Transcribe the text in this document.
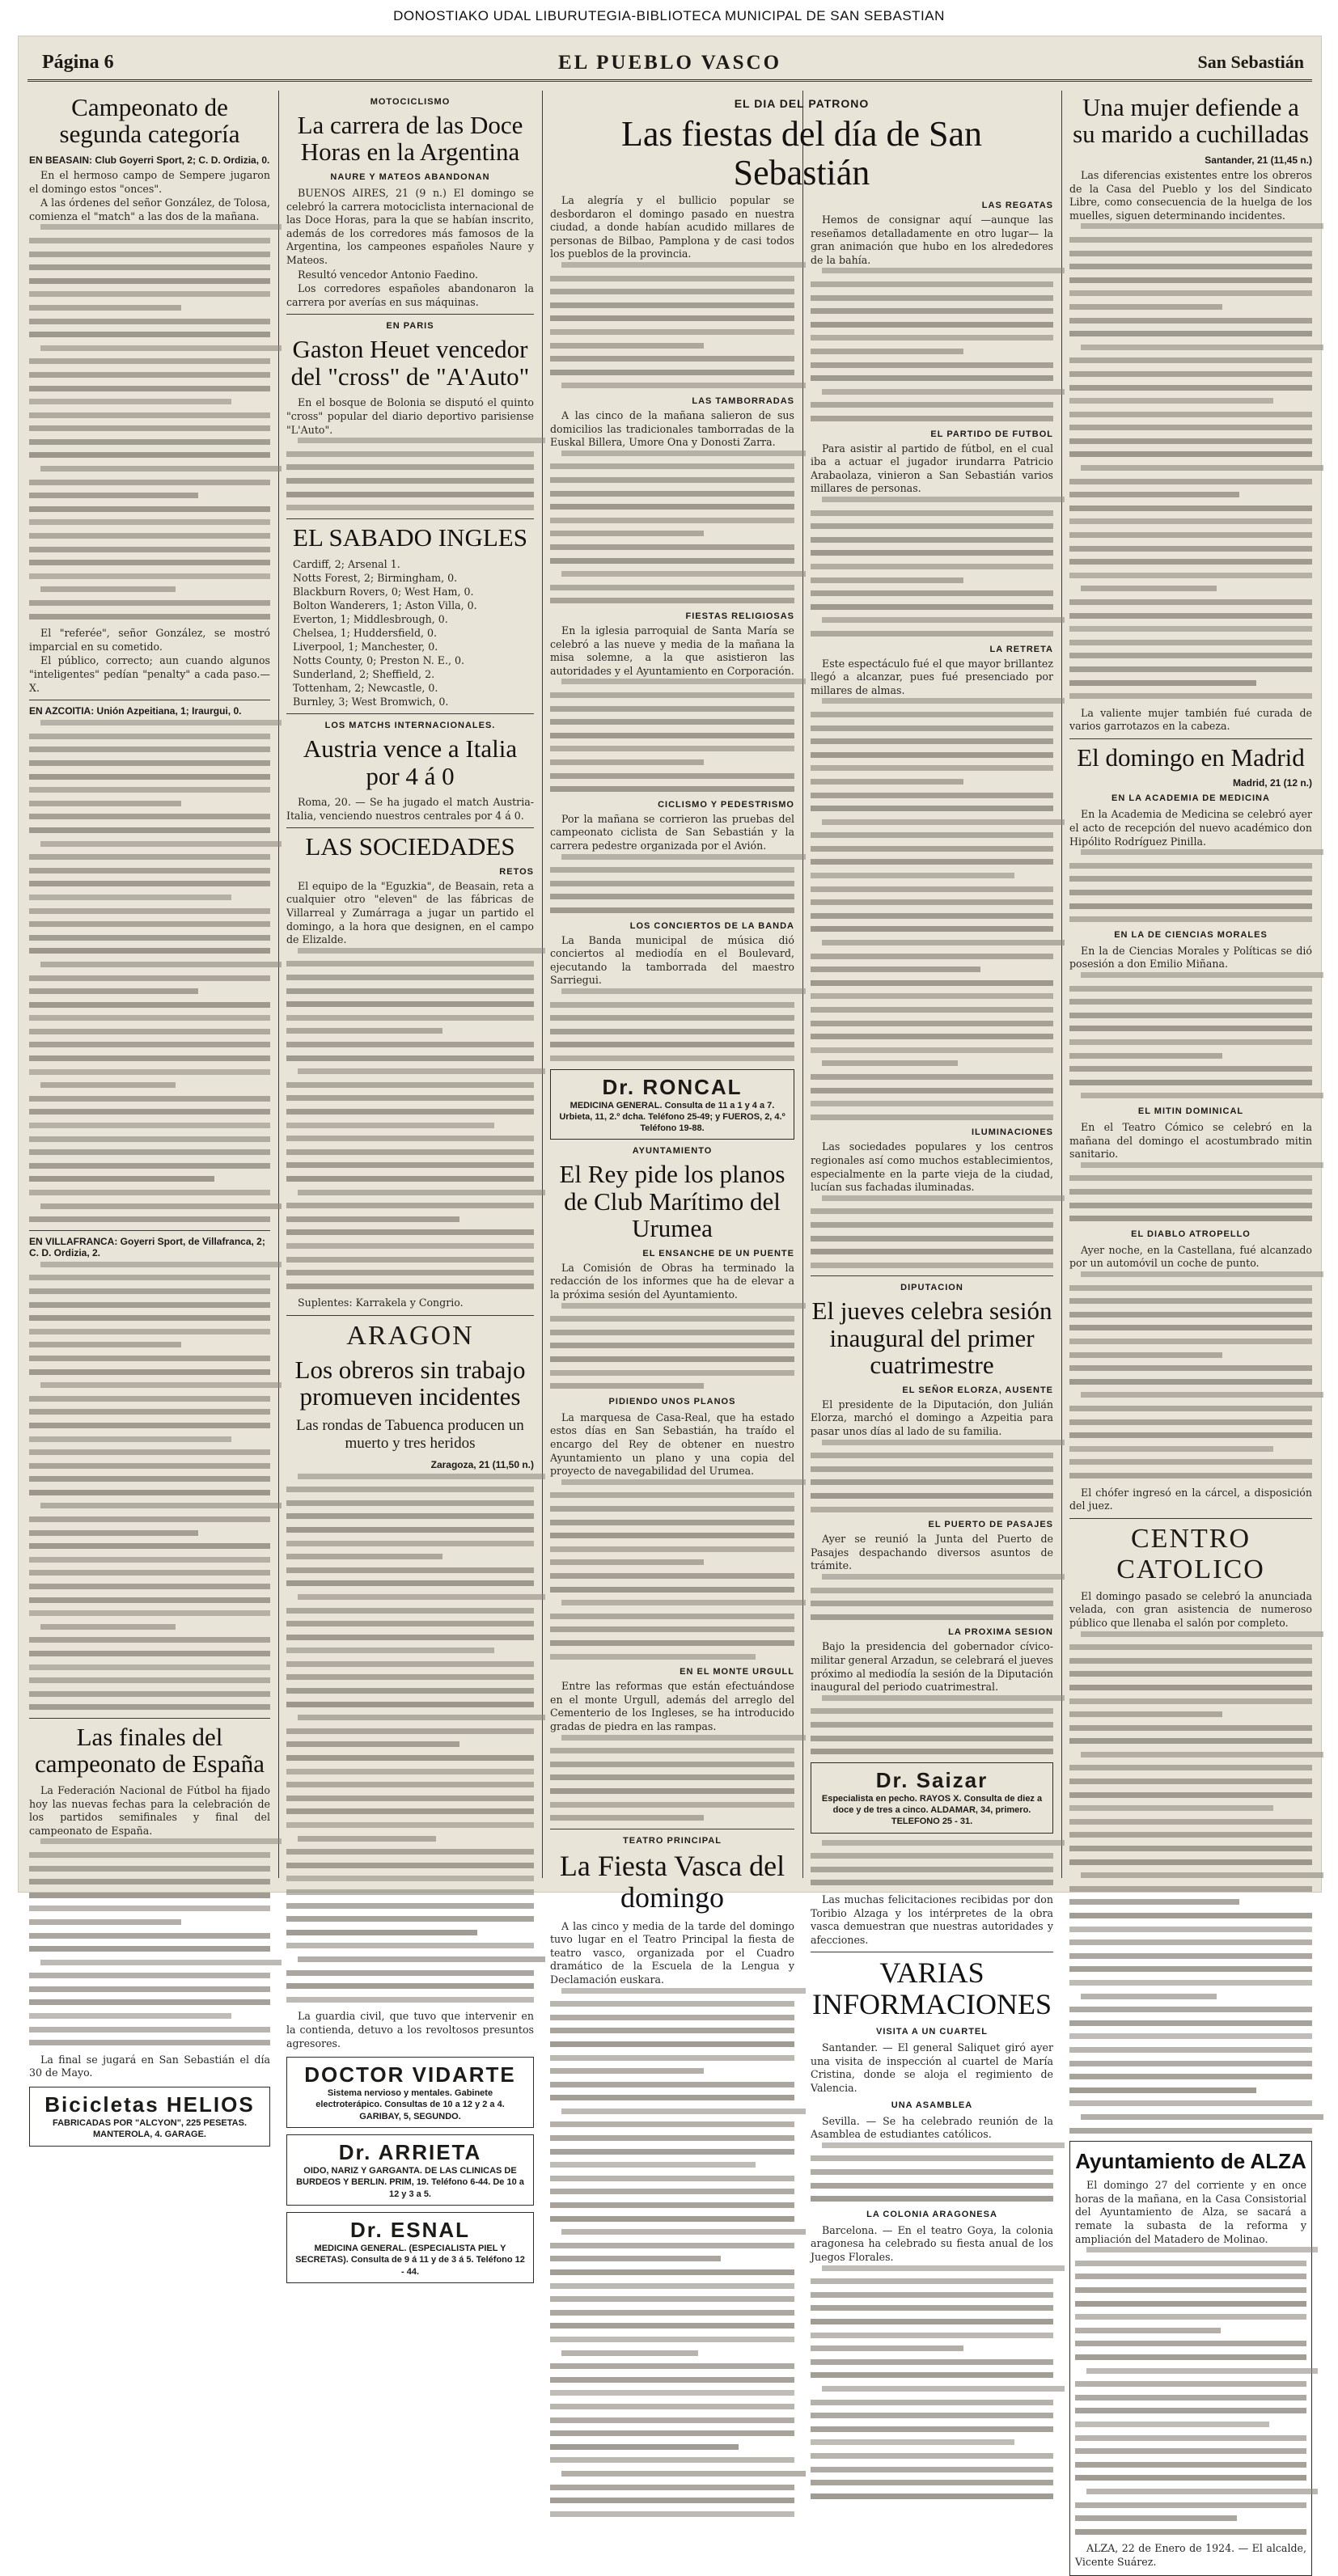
DONOSTIAKO UDAL LIBURUTEGIA-BIBLIOTECA MUNICIPAL DE SAN SEBASTIAN
Página 6	EL PUEBLO VASCO	San Sebastián
Campeonato de segunda categoría
EN BEASAIN: Club Goyerri Sport, 2; C. D. Ordizia, 0.

En el hermoso campo de Sempere jugaron el domingo estos "onces".

A las órdenes del señor González, de Tolosa, comienza el "match" a las dos de la mañana.

El "referée", señor González, se mostró imparcial en su cometido.

El público, correcto; aun cuando algunos "inteligentes" pedían "penalty" a cada paso.—X.

EN AZCOITIA: Unión Azpeitiana, 1; Iraurgui, 0.
EN VILLAFRANCA: Goyerri Sport, de Villafranca, 2; C. D. Ordizia, 2.
Las finales del campeonato de España

La Federación Nacional de Fútbol ha fijado hoy las nuevas fechas para la celebración de los partidos semifinales y final del campeonato de España.

La final se jugará en San Sebastián el día 30 de Mayo.

Bicicletas HELIOS
FABRICADAS POR "ALCYON", 225 PESETAS. MANTEROLA, 4. GARAGE.
MOTOCICLISMO
La carrera de las Doce Horas en la Argentina
NAURE Y MATEOS ABANDONAN

BUENOS AIRES, 21 (9 n.) El domingo se celebró la carrera motociclista internacional de las Doce Horas, para la que se habían inscrito, además de los corredores más famosos de la Argentina, los campeones españoles Naure y Mateos.

Resultó vencedor Antonio Faedino.

Los corredores españoles abandonaron la carrera por averías en sus máquinas.

EN PARIS
Gaston Heuet vencedor del "cross" de "A'Auto"

En el bosque de Bolonia se disputó el quinto "cross" popular del diario deportivo parisiense "L'Auto".

EL SABADO INGLES
Cardiff, 2; Arsenal 1.
Notts Forest, 2; Birmingham, 0.
Blackburn Rovers, 0; West Ham, 0.
Bolton Wanderers, 1; Aston Villa, 0.
Everton, 1; Middlesbrough, 0.
Chelsea, 1; Huddersfield, 0.
Liverpool, 1; Manchester, 0.
Notts County, 0; Preston N. E., 0.
Sunderland, 2; Sheffield, 2.
Tottenham, 2; Newcastle, 0.
Burnley, 3; West Bromwich, 0.
LOS MATCHS INTERNACIONALES.
Austria vence a Italia por 4 á 0

Roma, 20. — Se ha jugado el match Austria-Italia, venciendo nuestros centrales por 4 á 0.

LAS SOCIEDADES
RETOS

El equipo de la "Eguzkia", de Beasain, reta a cualquier otro "eleven" de las fábricas de Villarreal y Zumárraga a jugar un partido el domingo, a la hora que designen, en el campo de Elizalde.

Suplentes: Karrakela y Congrio.

ARAGON
Los obreros sin trabajo promueven incidentes
Las rondas de Tabuenca producen un muerto y tres heridos
Zaragoza, 21 (11,50 n.)

La guardia civil, que tuvo que intervenir en la contienda, detuvo a los revoltosos presuntos agresores.

DOCTOR VIDARTE
Sistema nervioso y mentales. Gabinete electroterápico. Consultas de 10 a 12 y 2 a 4. GARIBAY, 5, SEGUNDO.
Dr. ARRIETA
OIDO, NARIZ Y GARGANTA. DE LAS CLINICAS DE BURDEOS Y BERLIN. PRIM, 19. Teléfono 6-44. De 10 a 12 y 3 a 5.
Dr. ESNAL
MEDICINA GENERAL. (ESPECIALISTA PIEL Y SECRETAS). Consulta de 9 á 11 y de 3 á 5. Teléfono 12 - 44.
EL DIA DEL PATRONO
Las fiestas del día de San Sebastián

La alegría y el bullicio popular se desbordaron el domingo pasado en nuestra ciudad, a donde habían acudido millares de personas de Bilbao, Pamplona y de casi todos los pueblos de la provincia.

LAS TAMBORRADAS

A las cinco de la mañana salieron de sus domicilios las tradicionales tamborradas de la Euskal Billera, Umore Ona y Donosti Zarra.

FIESTAS RELIGIOSAS

En la iglesia parroquial de Santa María se celebró a las nueve y media de la mañana la misa solemne, a la que asistieron las autoridades y el Ayuntamiento en Corporación.

CICLISMO Y PEDESTRISMO

Por la mañana se corrieron las pruebas del campeonato ciclista de San Sebastián y la carrera pedestre organizada por el Avión.

LOS CONCIERTOS DE LA BANDA

La Banda municipal de música dió conciertos al mediodía en el Boulevard, ejecutando la tamborrada del maestro Sarriegui.

Dr. RONCAL
MEDICINA GENERAL. Consulta de 11 a 1 y 4 a 7. Urbieta, 11, 2.º dcha. Teléfono 25-49; y FUEROS, 2, 4.º Teléfono 19-88.
AYUNTAMIENTO
El Rey pide los planos de Club Marítimo del Urumea
EL ENSANCHE DE UN PUENTE

La Comisión de Obras ha terminado la redacción de los informes que ha de elevar a la próxima sesión del Ayuntamiento.

PIDIENDO UNOS PLANOS

La marquesa de Casa-Real, que ha estado estos días en San Sebastián, ha traído el encargo del Rey de obtener en nuestro Ayuntamiento un plano y una copia del proyecto de navegabilidad del Urumea.

EN EL MONTE URGULL

Entre las reformas que están efectuándose en el monte Urgull, además del arreglo del Cementerio de los Ingleses, se ha introducido gradas de piedra en las rampas.

TEATRO PRINCIPAL
La Fiesta Vasca del domingo

A las cinco y media de la tarde del domingo tuvo lugar en el Teatro Principal la fiesta de teatro vasco, organizada por el Cuadro dramático de la Escuela de la Lengua y Declamación euskara.

LAS REGATAS

Hemos de consignar aquí —aunque las reseñamos detalladamente en otro lugar— la gran animación que hubo en los alrededores de la bahía.

EL PARTIDO DE FUTBOL

Para asistir al partido de fútbol, en el cual iba a actuar el jugador irundarra Patricio Arabaolaza, vinieron a San Sebastián varios millares de personas.

LA RETRETA

Este espectáculo fué el que mayor brillantez llegó a alcanzar, pues fué presenciado por millares de almas.

ILUMINACIONES

Las sociedades populares y los centros regionales así como muchos establecimientos, especialmente en la parte vieja de la ciudad, lucían sus fachadas iluminadas.

DIPUTACION
El jueves celebra sesión inaugural del primer cuatrimestre
EL SEÑOR ELORZA, AUSENTE

El presidente de la Diputación, don Julián Elorza, marchó el domingo a Azpeitia para pasar unos días al lado de su familia.

EL PUERTO DE PASAJES

Ayer se reunió la Junta del Puerto de Pasajes despachando diversos asuntos de trámite.

LA PROXIMA SESION

Bajo la presidencia del gobernador cívico-militar general Arzadun, se celebrará el jueves próximo al mediodía la sesión de la Diputación inaugural del periodo cuatrimestral.

Dr. Saizar
Especialista en pecho. RAYOS X. Consulta de diez a doce y de tres a cinco. ALDAMAR, 34, primero. TELEFONO 25 - 31.

Las muchas felicitaciones recibidas por don Toribio Alzaga y los intérpretes de la obra vasca demuestran que nuestras autoridades y afecciones.

VARIAS INFORMACIONES
VISITA A UN CUARTEL

Santander. — El general Saliquet giró ayer una visita de inspección al cuartel de María Cristina, donde se aloja el regimiento de Valencia.

UNA ASAMBLEA

Sevilla. — Se ha celebrado reunión de la Asamblea de estudiantes católicos.

LA COLONIA ARAGONESA

Barcelona. — En el teatro Goya, la colonia aragonesa ha celebrado su fiesta anual de los Juegos Florales.

Una mujer defiende a su marido a cuchilladas
Santander, 21 (11,45 n.)

Las diferencias existentes entre los obreros de la Casa del Pueblo y los del Sindicato Libre, como consecuencia de la huelga de los muelles, siguen determinando incidentes.

La valiente mujer también fué curada de varios garrotazos en la cabeza.

El domingo en Madrid
Madrid, 21 (12 n.)
EN LA ACADEMIA DE MEDICINA

En la Academia de Medicina se celebró ayer el acto de recepción del nuevo académico don Hipólito Rodríguez Pinilla.

EN LA DE CIENCIAS MORALES

En la de Ciencias Morales y Políticas se dió posesión a don Emilio Miñana.

EL MITIN DOMINICAL

En el Teatro Cómico se celebró en la mañana del domingo el acostumbrado mitin sanitario.

EL DIABLO ATROPELLO

Ayer noche, en la Castellana, fué alcanzado por un automóvil un coche de punto.

El chófer ingresó en la cárcel, a disposición del juez.

CENTRO CATOLICO

El domingo pasado se celebró la anunciada velada, con gran asistencia de numeroso público que llenaba el salón por completo.

Ayuntamiento de ALZA

El domingo 27 del corriente y en once horas de la mañana, en la Casa Consistorial del Ayuntamiento de Alza, se sacará a remate la subasta de la reforma y ampliación del Matadero de Molinao.

ALZA, 22 de Enero de 1924. — El alcalde, Vicente Suárez.
